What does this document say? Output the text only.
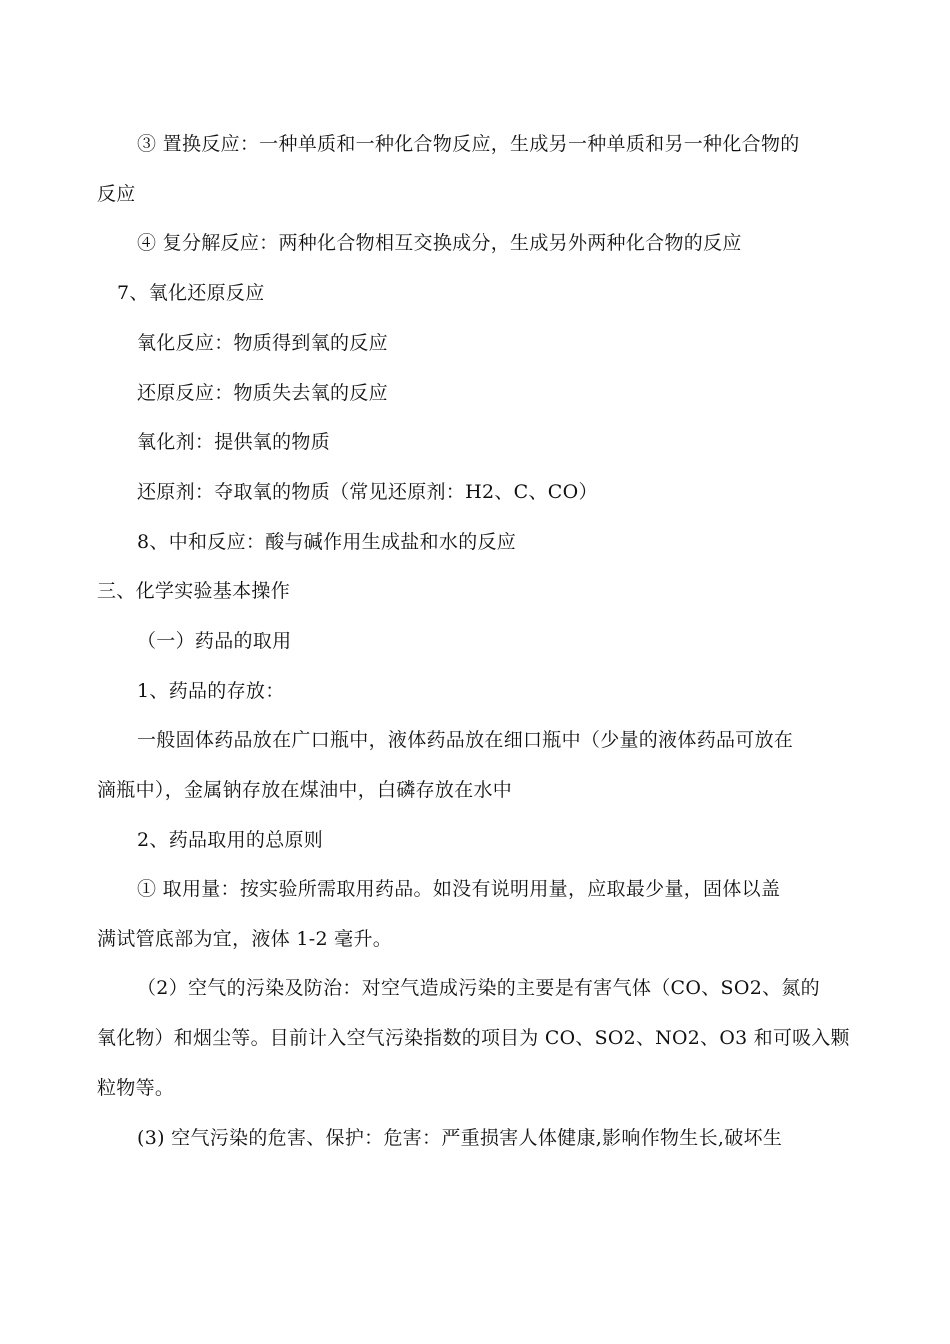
③ 置换反应：一种单质和一种化合物反应，生成另一种单质和另一种化合物的
反应
④ 复分解反应：两种化合物相互交换成分，生成另外两种化合物的反应
7、氧化还原反应
氧化反应：物质得到氧的反应
还原反应：物质失去氧的反应
氧化剂：提供氧的物质
还原剂：夺取氧的物质（常见还原剂：H2、C、CO）
8、中和反应：酸与碱作用生成盐和水的反应
三、化学实验基本操作
（一）药品的取用
1、药品的存放：
一般固体药品放在广口瓶中，液体药品放在细口瓶中（少量的液体药品可放在
滴瓶中），金属钠存放在煤油中，白磷存放在水中
2、药品取用的总原则
① 取用量：按实验所需取用药品。如没有说明用量，应取最少量，固体以盖
满试管底部为宜，液体 1-2 毫升。
（2）空气的污染及防治：对空气造成污染的主要是有害气体（CO、SO2、氮的
氧化物）和烟尘等。目前计入空气污染指数的项目为 CO、SO2、NO2、O3 和可吸入颗
粒物等。
(3) 空气污染的危害、保护：危害：严重损害人体健康,影响作物生长,破坏生
